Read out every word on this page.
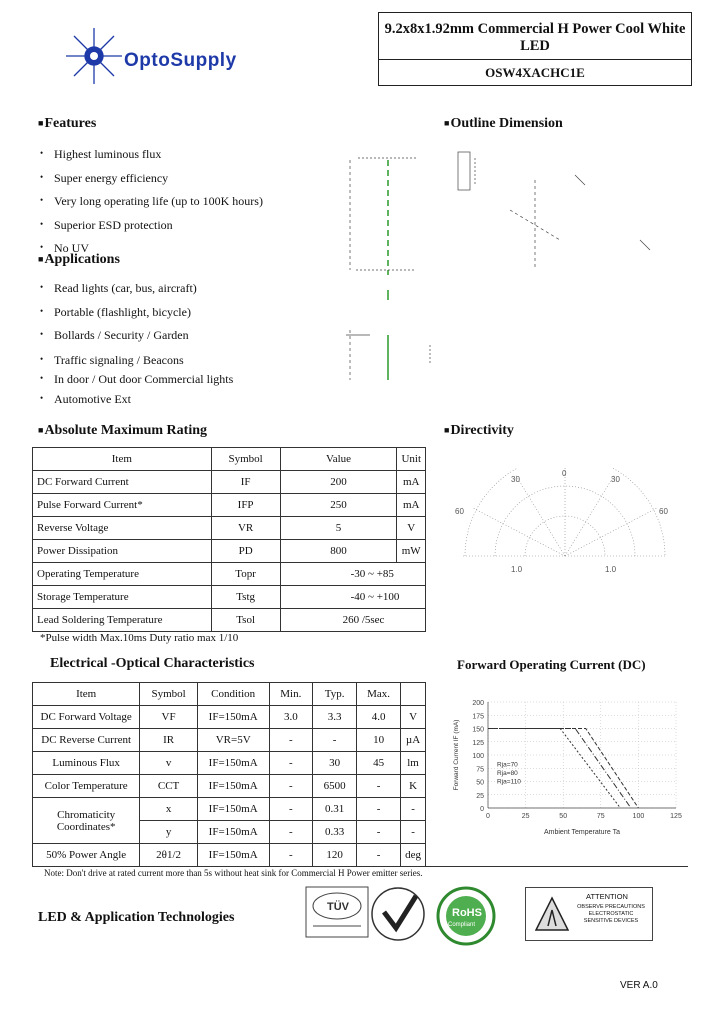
OptoSupply
9.2x8x1.92mm Commercial H Power Cool White
LED
OSW4XACHC1E
■Features
• Highest luminous flux
• Super energy efficiency
• Very long operating life (up to 100K hours)
• Superior ESD protection
• No UV
■Applications
• Read lights (car, bus, aircraft)
• Portable (flashlight, bicycle)
• Bollards / Security / Garden
• Traffic signaling / Beacons
• In door / Out door Commercial lights
• Automotive Ext
■Outline Dimension
■Absolute Maximum Rating
Item	Symbol	Value	Unit
DC Forward Current	IF	200	mA
Pulse Forward Current*	IFP	250	mA
Reverse Voltage	VR	5	V
Power Dissipation	PD	800	mW
Operating Temperature	Topr	-30 ~ +85	
Storage Temperature	Tstg	-40 ~ +100	
Lead Soldering Temperature	Tsol	260 /5sec	
*Pulse width Max.10ms Duty ratio max 1/10
■Directivity
30
60
0
30
60
1.0	1.0
Electrical -Optical Characteristics
Item	Symbol	Condition	Min.	Typ.	Max.	
DC Forward Voltage	VF	IF=150mA	3.0	3.3	4.0	V
DC Reverse Current	IR	VR=5V	-	-	10	µA
Luminous Flux	v	IF=150mA	-	30	45	lm
Color Temperature	CCT	IF=150mA	-	6500	-	K
Chromaticity Coordinates*	x	IF=150mA	-	0.31	-	-
	y	IF=150mA	-	0.33	-	-
50% Power Angle	2θ1/2	IF=150mA	-	120	-	deg
Note: Don't drive at rated current more than 5s without heat sink for Commercial H Power emitter series.
Forward Operating Current (DC)
0
25
50
75
100
125
150
175
200
0	25	50	75	100	125
Rja=70
Rja=80
Rja=110
Ambient Temperature Ta
Forward Current IF (mA)
LED & Application Technologies
TÜV	RoHS
Compliant
ATTENTION
OBSERVE PRECAUTIONS ELECTROSTATIC SENSITIVE DEVICES
VER A.0
